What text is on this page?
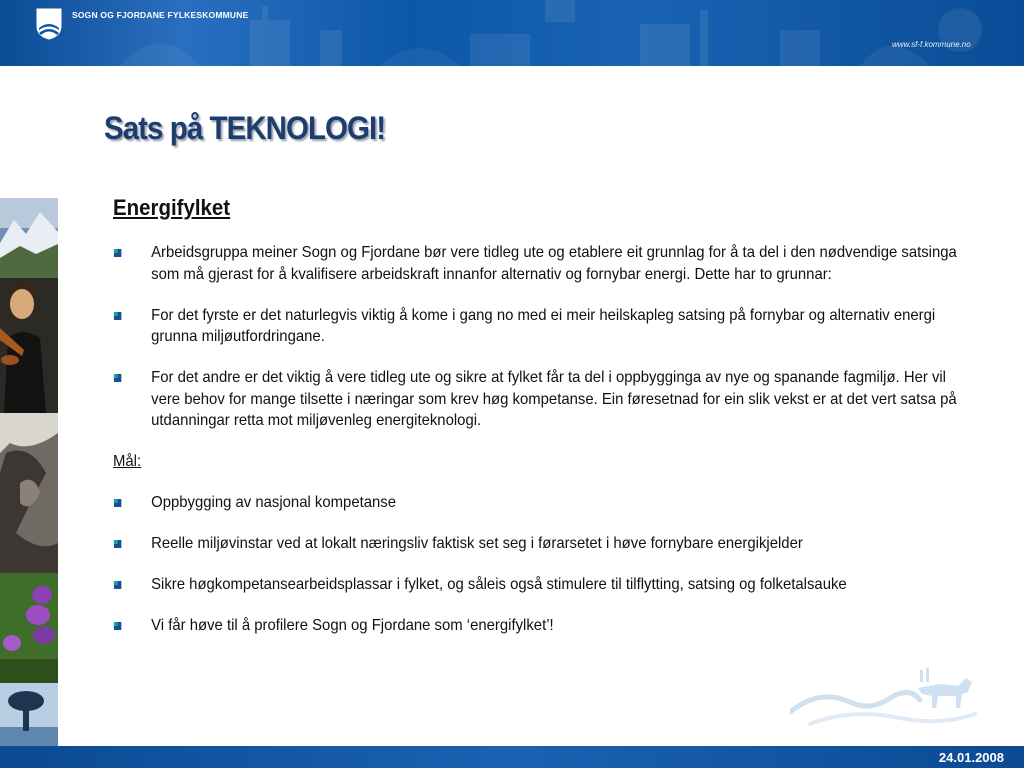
SOGN OG FJORDANE FYLKESKOMMUNE
www.sf-f.kommune.no
Sats på TEKNOLOGI!
Energifylket
Arbeidsgruppa meiner Sogn og Fjordane bør vere tidleg ute og etablere eit grunnlag for å ta del i den nødvendige satsinga som må gjerast for å kvalifisere arbeidskraft innanfor alternativ og fornybar energi. Dette har to grunnar:
For det fyrste er det naturlegvis viktig å kome i gang no med ei meir heilskapleg satsing på fornybar og alternativ energi grunna miljøutfordringane.
For det andre er det viktig å vere tidleg ute og sikre at fylket får ta del i oppbygginga av nye og spanande fagmiljø. Her vil vere behov for mange tilsette i næringar som krev høg kompetanse. Ein føresetnad for ein slik vekst er at det vert satsa på utdanningar retta mot miljøvenleg energiteknologi.
Mål:
Oppbygging av nasjonal kompetanse
Reelle miljøvinstar ved at lokalt næringsliv faktisk set seg i førarsetet i høve fornybare energikjelder
Sikre høgkompetansearbeidsplassar i fylket, og såleis også stimulere til tilflytting, satsing og folketalsauke
Vi får høve til å profilere Sogn og Fjordane som ‘energifylket’!
24.01.2008
